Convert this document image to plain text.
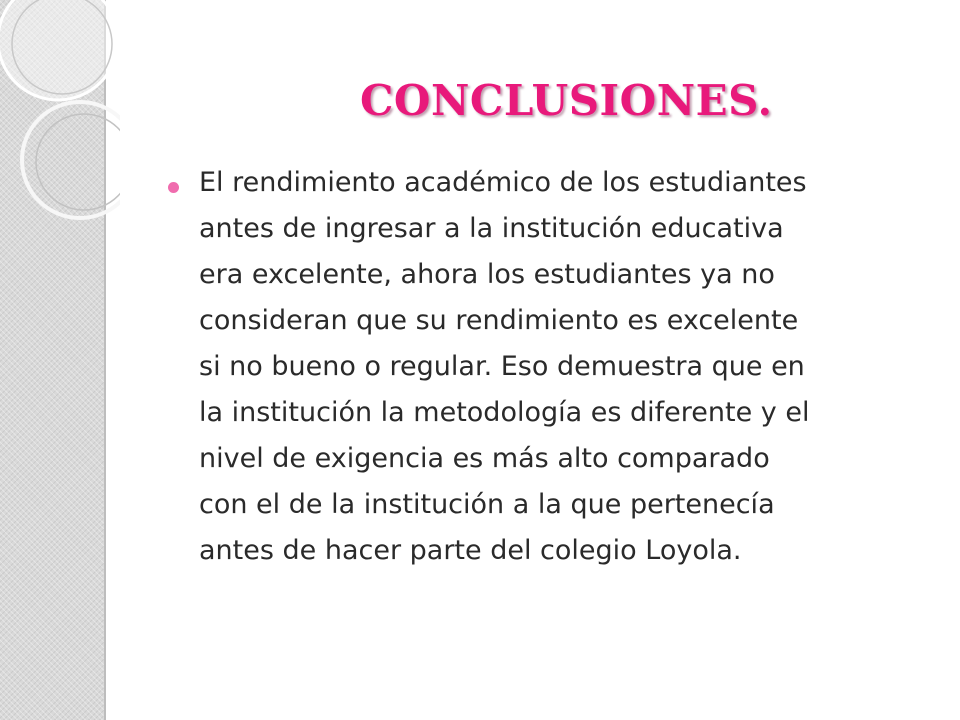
CONCLUSIONES.

El rendimiento académico de los estudiantes
antes de ingresar a la institución educativa
era excelente, ahora los estudiantes ya no
consideran que su rendimiento es excelente
si no bueno o regular. Eso demuestra que en
la institución la metodología es diferente y el
nivel de exigencia es más alto comparado
con el de la institución a la que pertenecía
antes de hacer parte del colegio Loyola.
